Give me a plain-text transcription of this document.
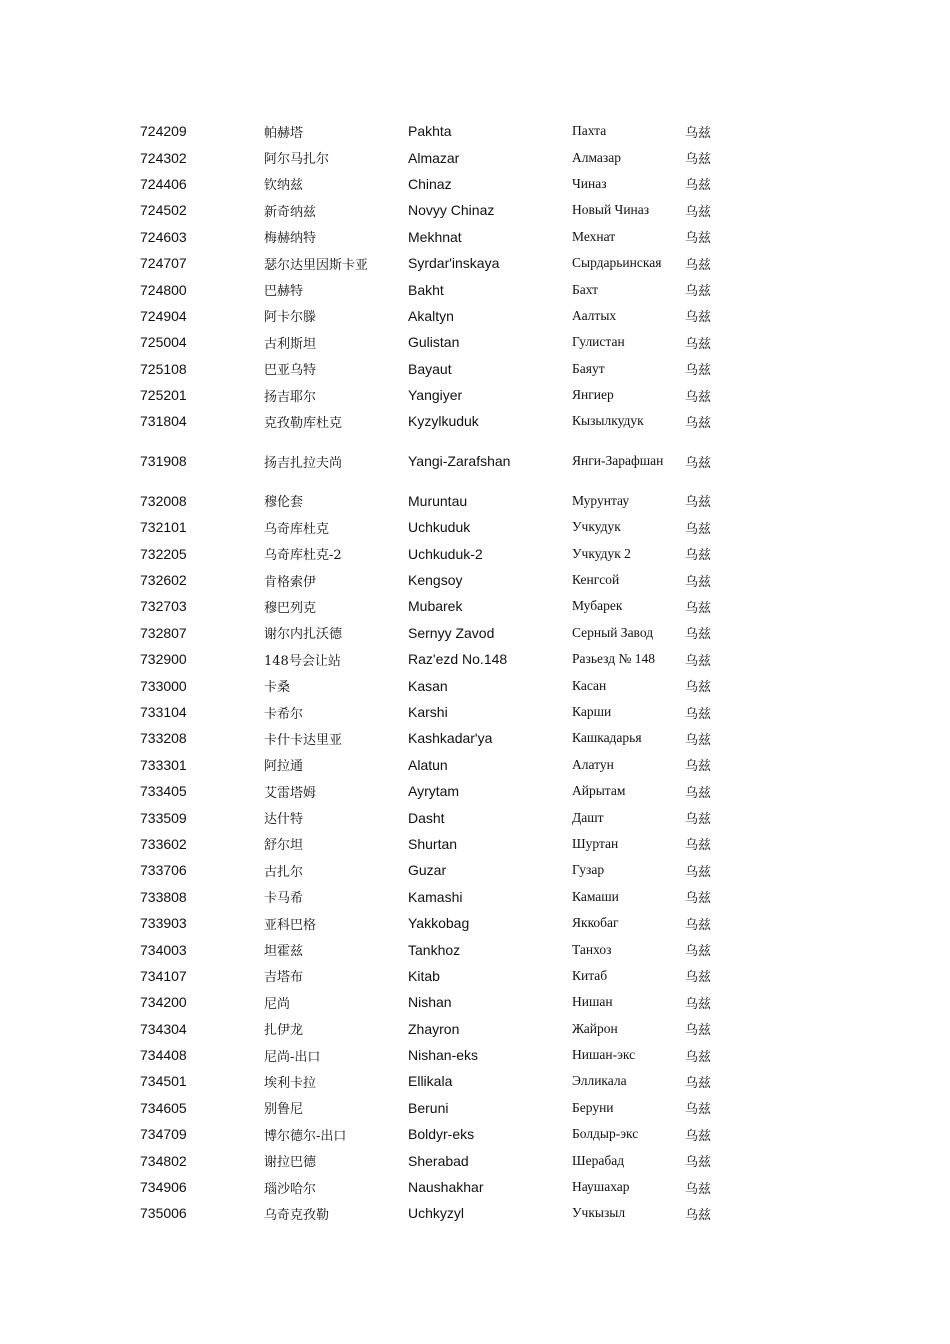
724209	帕赫塔	Pakhta	Пахта	乌兹
724302	阿尔马扎尔	Almazar	Алмазар	乌兹
724406	钦纳兹	Chinaz	Чиназ	乌兹
724502	新奇纳兹	Novyy Chinaz	Новый Чиназ	乌兹
724603	梅赫纳特	Mekhnat	Мехнат	乌兹
724707	瑟尔达里因斯卡亚	Syrdar'inskaya	Сырдарьинская	乌兹
724800	巴赫特	Bakht	Бахт	乌兹
724904	阿卡尔滕	Akaltyn	Аалтых	乌兹
725004	古利斯坦	Gulistan	Гулистан	乌兹
725108	巴亚乌特	Bayaut	Баяут	乌兹
725201	扬吉耶尔	Yangiyer	Янгиер	乌兹
731804	克孜勒库杜克	Kyzylkuduk	Кызылкудук	乌兹
731908	扬吉扎拉夫尚	Yangi-Zarafshan	Янги-Зарафшан	乌兹
732008	穆伦套	Muruntau	Мурунтау	乌兹
732101	乌奇库杜克	Uchkuduk	Учкудук	乌兹
732205	乌奇库杜克-2	Uchkuduk-2	Учкудук 2	乌兹
732602	肯格索伊	Kengsoy	Кенгсой	乌兹
732703	穆巴列克	Mubarek	Мубарек	乌兹
732807	谢尔内扎沃德	Sernyy Zavod	Серный Завод	乌兹
732900	148号会让站	Raz'ezd No.148	Разьезд № 148	乌兹
733000	卡桑	Kasan	Касан	乌兹
733104	卡希尔	Karshi	Карши	乌兹
733208	卡什卡达里亚	Kashkadar'ya	Кашкадарья	乌兹
733301	阿拉通	Alatun	Алатун	乌兹
733405	艾雷塔姆	Ayrytam	Айрытам	乌兹
733509	达什特	Dasht	Дашт	乌兹
733602	舒尔坦	Shurtan	Шуртан	乌兹
733706	古扎尔	Guzar	Гузар	乌兹
733808	卡马希	Kamashi	Камаши	乌兹
733903	亚科巴格	Yakkobag	Яккобаг	乌兹
734003	坦霍兹	Tankhoz	Танхоз	乌兹
734107	吉塔布	Kitab	Китаб	乌兹
734200	尼尚	Nishan	Нишан	乌兹
734304	扎伊龙	Zhayron	Жайрон	乌兹
734408	尼尚-出口	Nishan-eks	Нишан-экс	乌兹
734501	埃利卡拉	Ellikala	Элликала	乌兹
734605	别鲁尼	Beruni	Беруни	乌兹
734709	博尔德尔-出口	Boldyr-eks	Болдыр-экс	乌兹
734802	谢拉巴德	Sherabad	Шерабад	乌兹
734906	瑙沙哈尔	Naushakhar	Наушахар	乌兹
735006	乌奇克孜勒	Uchkyzyl	Учкызыл	乌兹
